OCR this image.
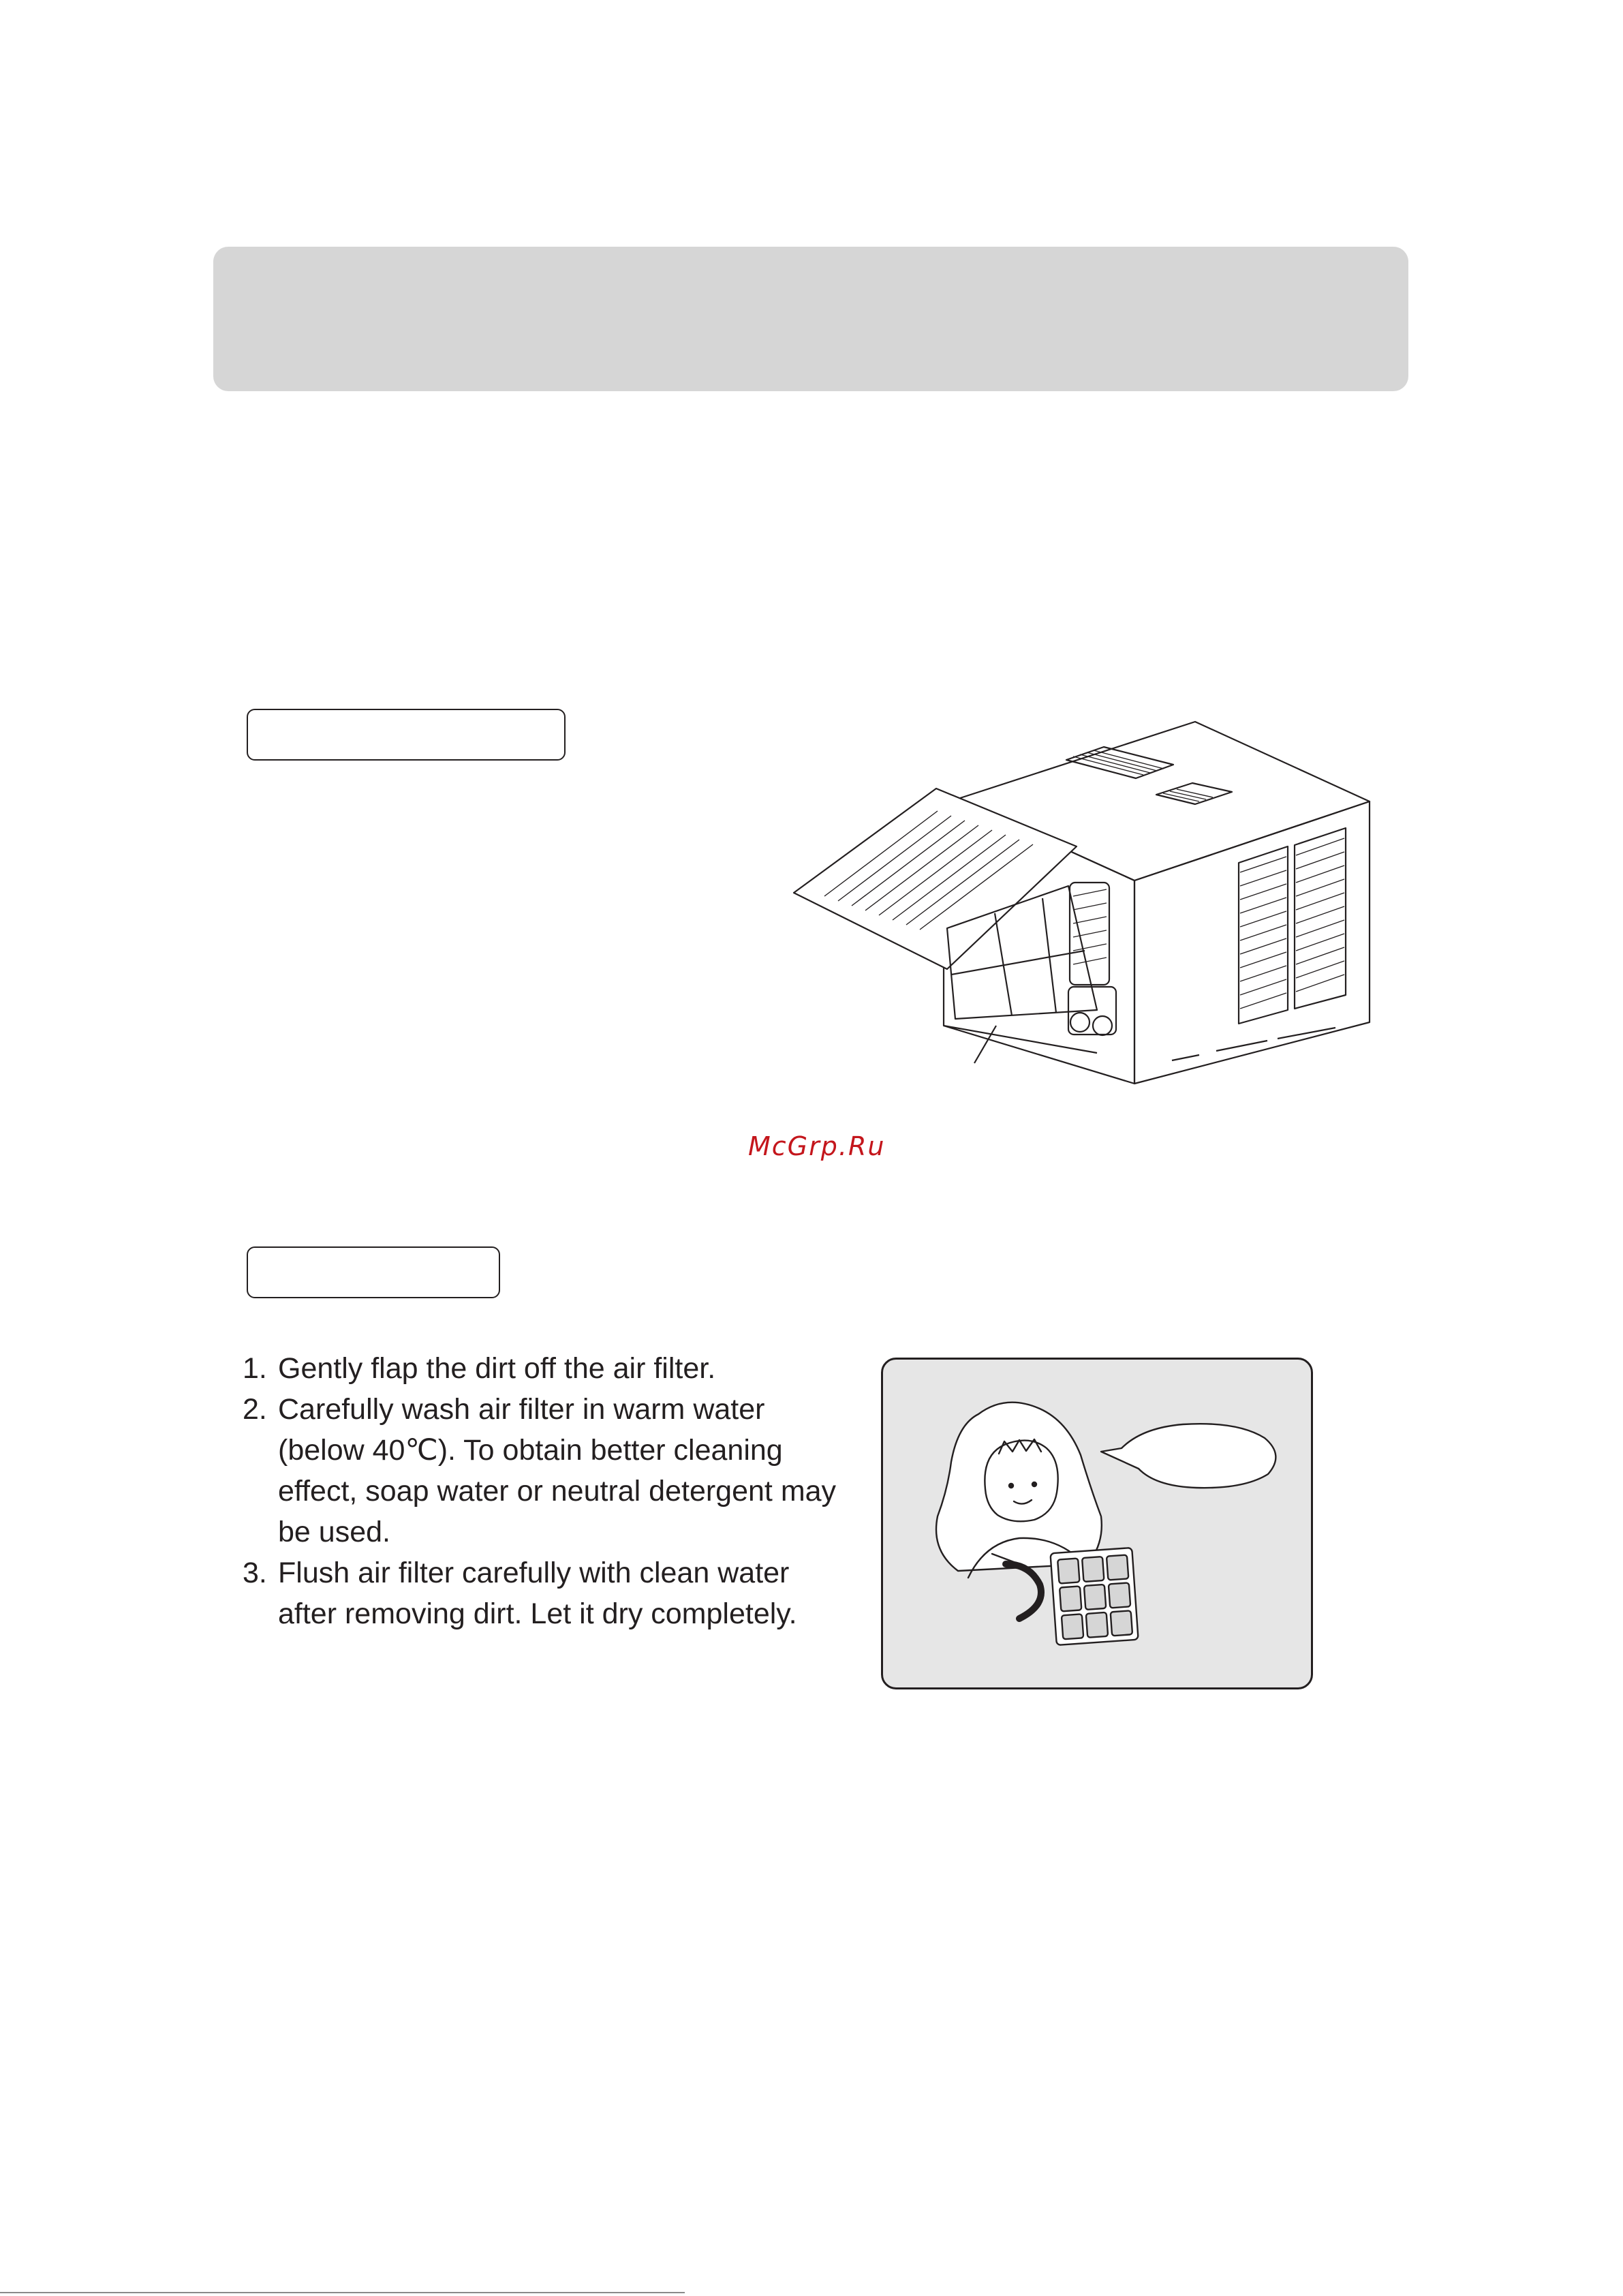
McGrp.Ru
1. Gently flap the dirt off the air filter.
2. Carefully wash air filter in warm water (below 40℃). To obtain better cleaning effect, soap water or neutral detergent may be used.
3. Flush air filter carefully with clean water after removing dirt. Let it dry completely.
